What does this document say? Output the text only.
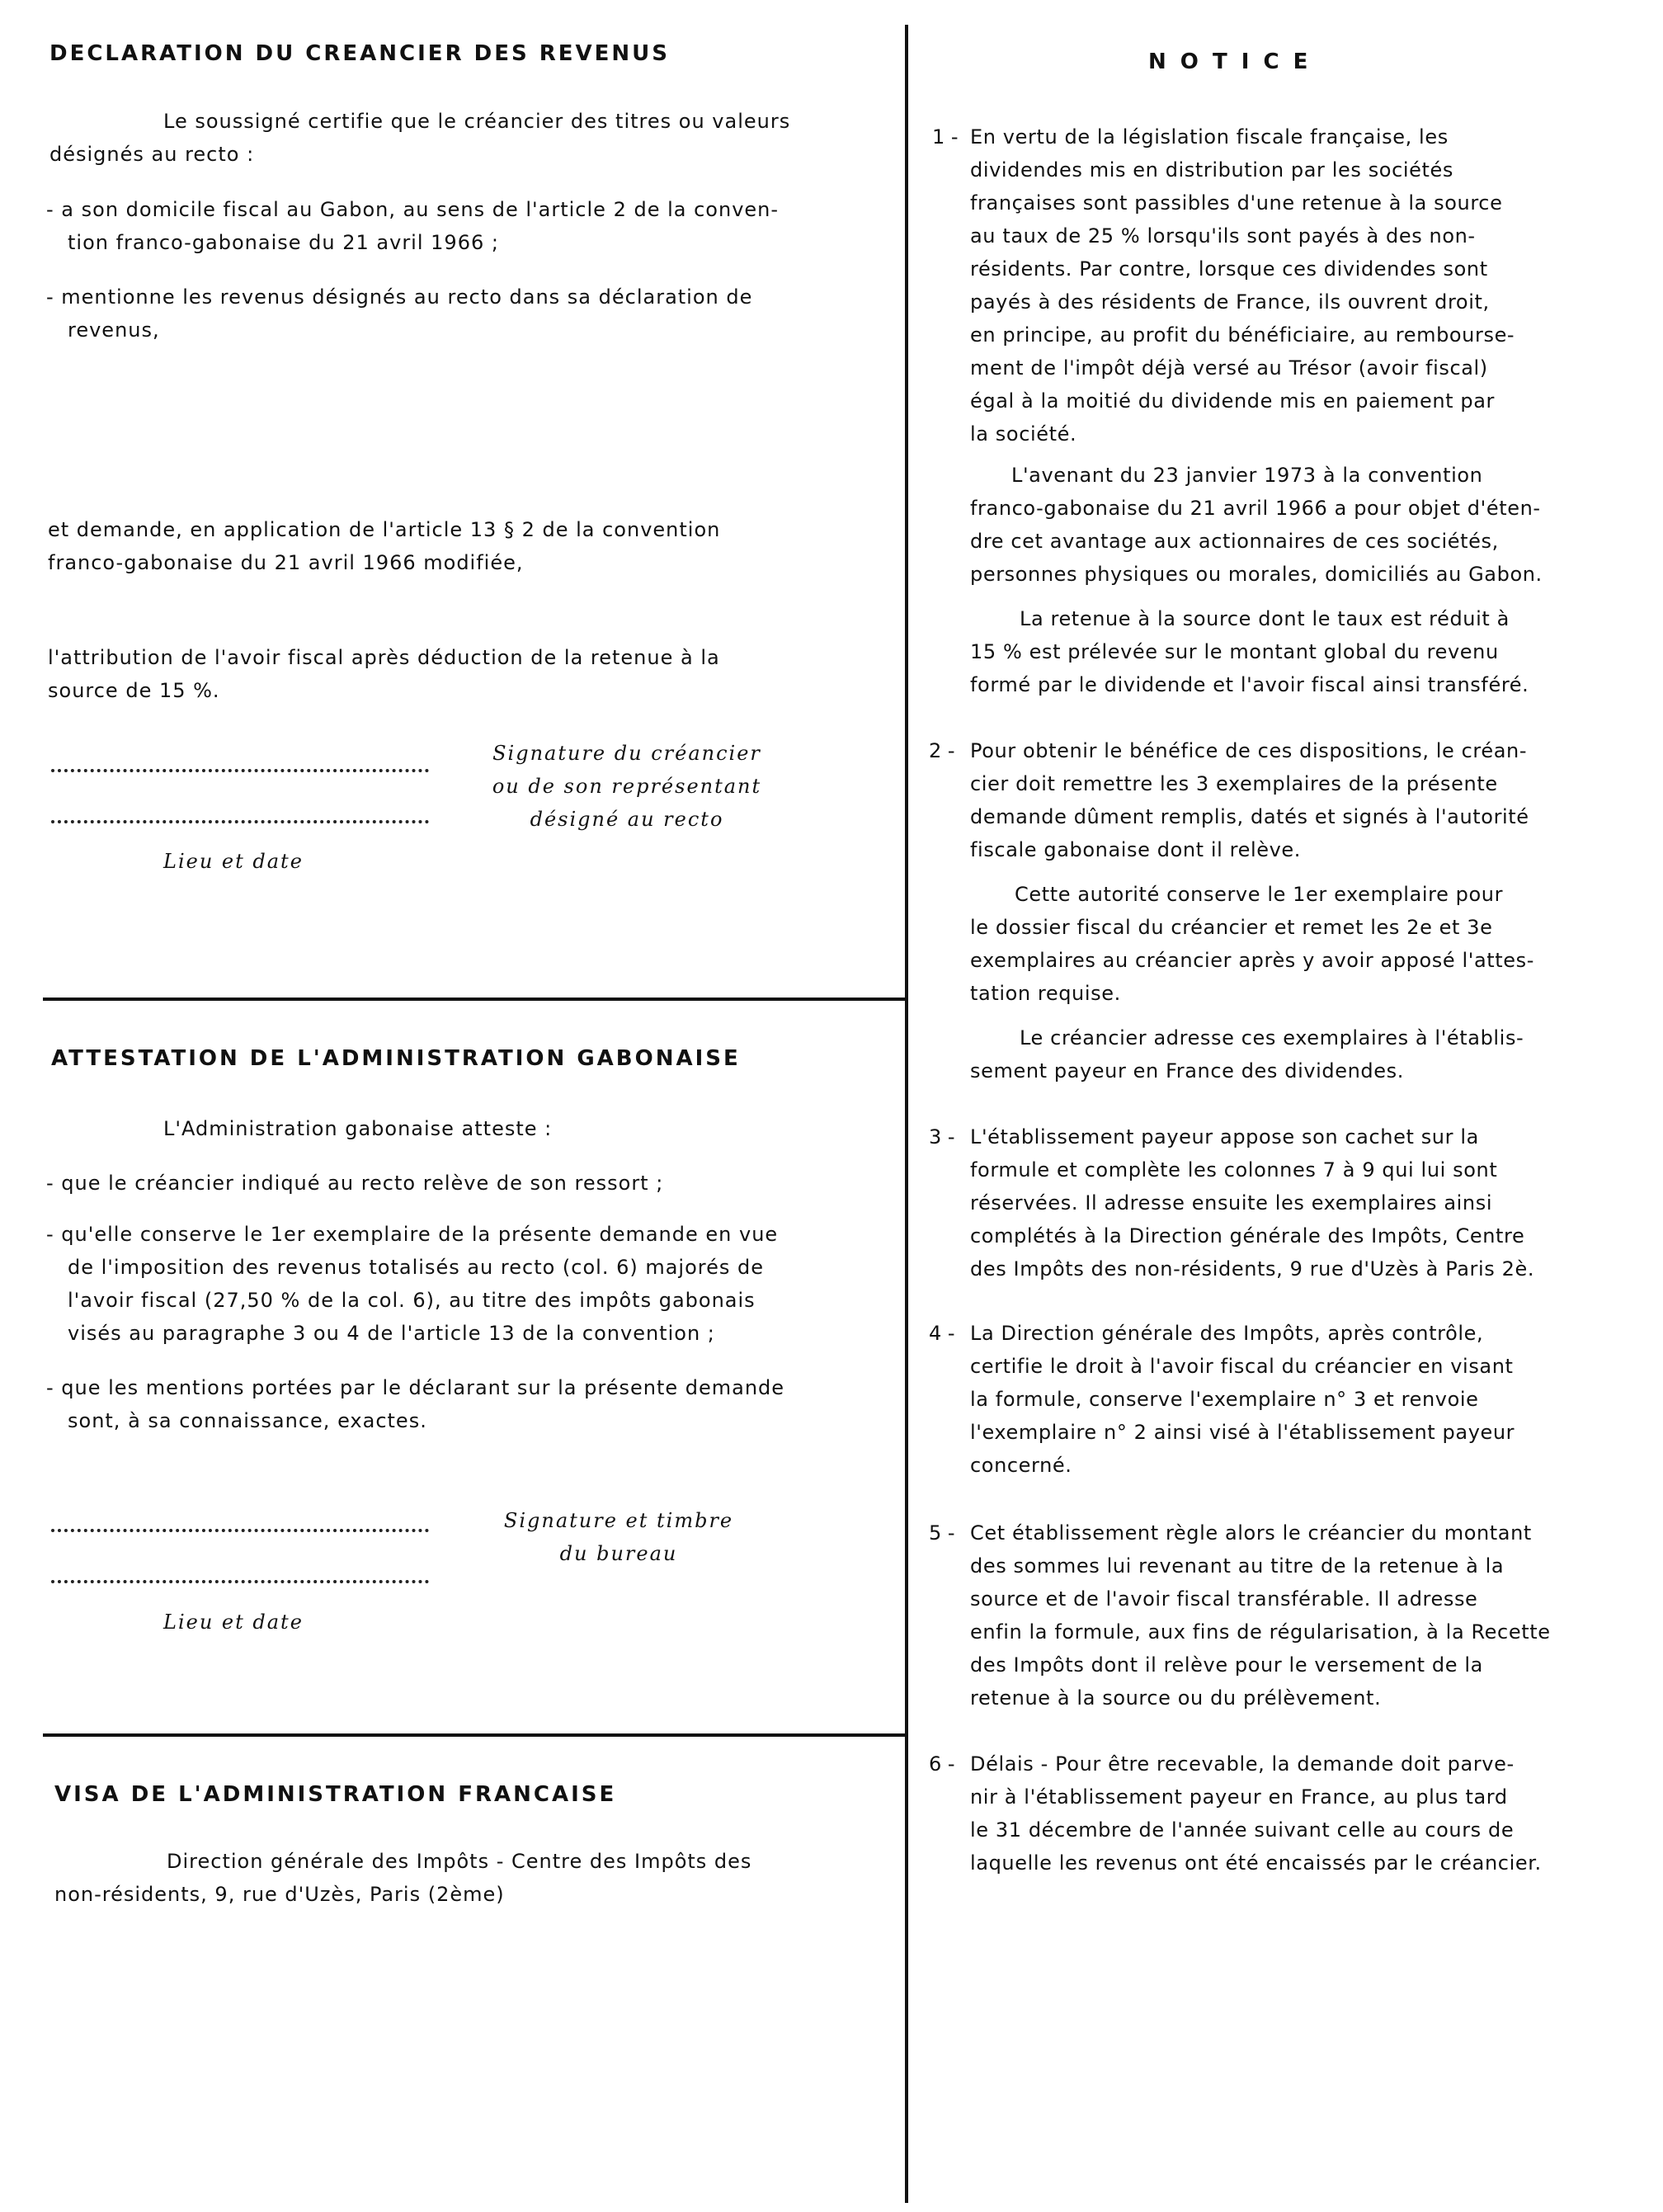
DECLARATION DU CREANCIER DES REVENUS
Le soussigné certifie que le créancier des titres ou valeurs
désignés au recto :
- a son domicile fiscal au Gabon, au sens de l'article 2 de la conven-
tion franco-gabonaise du 21 avril 1966 ;
- mentionne les revenus désignés au recto dans sa déclaration de
revenus,
et demande, en application de l'article 13 § 2 de la convention
franco-gabonaise du 21 avril 1966 modifiée,
l'attribution de l'avoir fiscal après déduction de la retenue à la
source de 15 %.
Signature du créancier
ou de son représentant
désigné au recto
Lieu et date
ATTESTATION DE L'ADMINISTRATION GABONAISE
L'Administration gabonaise atteste :
- que le créancier indiqué au recto relève de son ressort ;
- qu'elle conserve le 1er exemplaire de la présente demande en vue
de l'imposition des revenus totalisés au recto (col. 6) majorés de
l'avoir fiscal (27,50 % de la col. 6), au titre des impôts gabonais
visés au paragraphe 3 ou 4 de l'article 13 de la convention ;
- que les mentions portées par le déclarant sur la présente demande
sont, à sa connaissance, exactes.
Signature et timbre
du bureau
Lieu et date
VISA DE L'ADMINISTRATION FRANCAISE
Direction générale des Impôts - Centre des Impôts des
non-résidents, 9, rue d'Uzès, Paris (2ème)
N O T I C E
1 - En vertu de la législation fiscale française, les
dividendes mis en distribution par les sociétés
françaises sont passibles d'une retenue à la source
au taux de 25 % lorsqu'ils sont payés à des non-
résidents. Par contre, lorsque ces dividendes sont
payés à des résidents de France, ils ouvrent droit,
en principe, au profit du bénéficiaire, au rembourse-
ment de l'impôt déjà versé au Trésor (avoir fiscal)
égal à la moitié du dividende mis en paiement par
la société.
L'avenant du 23 janvier 1973 à la convention
franco-gabonaise du 21 avril 1966 a pour objet d'éten-
dre cet avantage aux actionnaires de ces sociétés,
personnes physiques ou morales, domiciliés au Gabon.
La retenue à la source dont le taux est réduit à
15 % est prélevée sur le montant global du revenu
formé par le dividende et l'avoir fiscal ainsi transféré.
2 - Pour obtenir le bénéfice de ces dispositions, le créan-
cier doit remettre les 3 exemplaires de la présente
demande dûment remplis, datés et signés à l'autorité
fiscale gabonaise dont il relève.
Cette autorité conserve le 1er exemplaire pour
le dossier fiscal du créancier et remet les 2e et 3e
exemplaires au créancier après y avoir apposé l'attes-
tation requise.
Le créancier adresse ces exemplaires à l'établis-
sement payeur en France des dividendes.
3 - L'établissement payeur appose son cachet sur la
formule et complète les colonnes 7 à 9 qui lui sont
réservées. Il adresse ensuite les exemplaires ainsi
complétés à la Direction générale des Impôts, Centre
des Impôts des non-résidents, 9 rue d'Uzès à Paris 2è.
4 - La Direction générale des Impôts, après contrôle,
certifie le droit à l'avoir fiscal du créancier en visant
la formule, conserve l'exemplaire n° 3 et renvoie
l'exemplaire n° 2 ainsi visé à l'établissement payeur
concerné.
5 - Cet établissement règle alors le créancier du montant
des sommes lui revenant au titre de la retenue à la
source et de l'avoir fiscal transférable. Il adresse
enfin la formule, aux fins de régularisation, à la Recette
des Impôts dont il relève pour le versement de la
retenue à la source ou du prélèvement.
6 - Délais - Pour être recevable, la demande doit parve-
nir à l'établissement payeur en France, au plus tard
le 31 décembre de l'année suivant celle au cours de
laquelle les revenus ont été encaissés par le créancier.
